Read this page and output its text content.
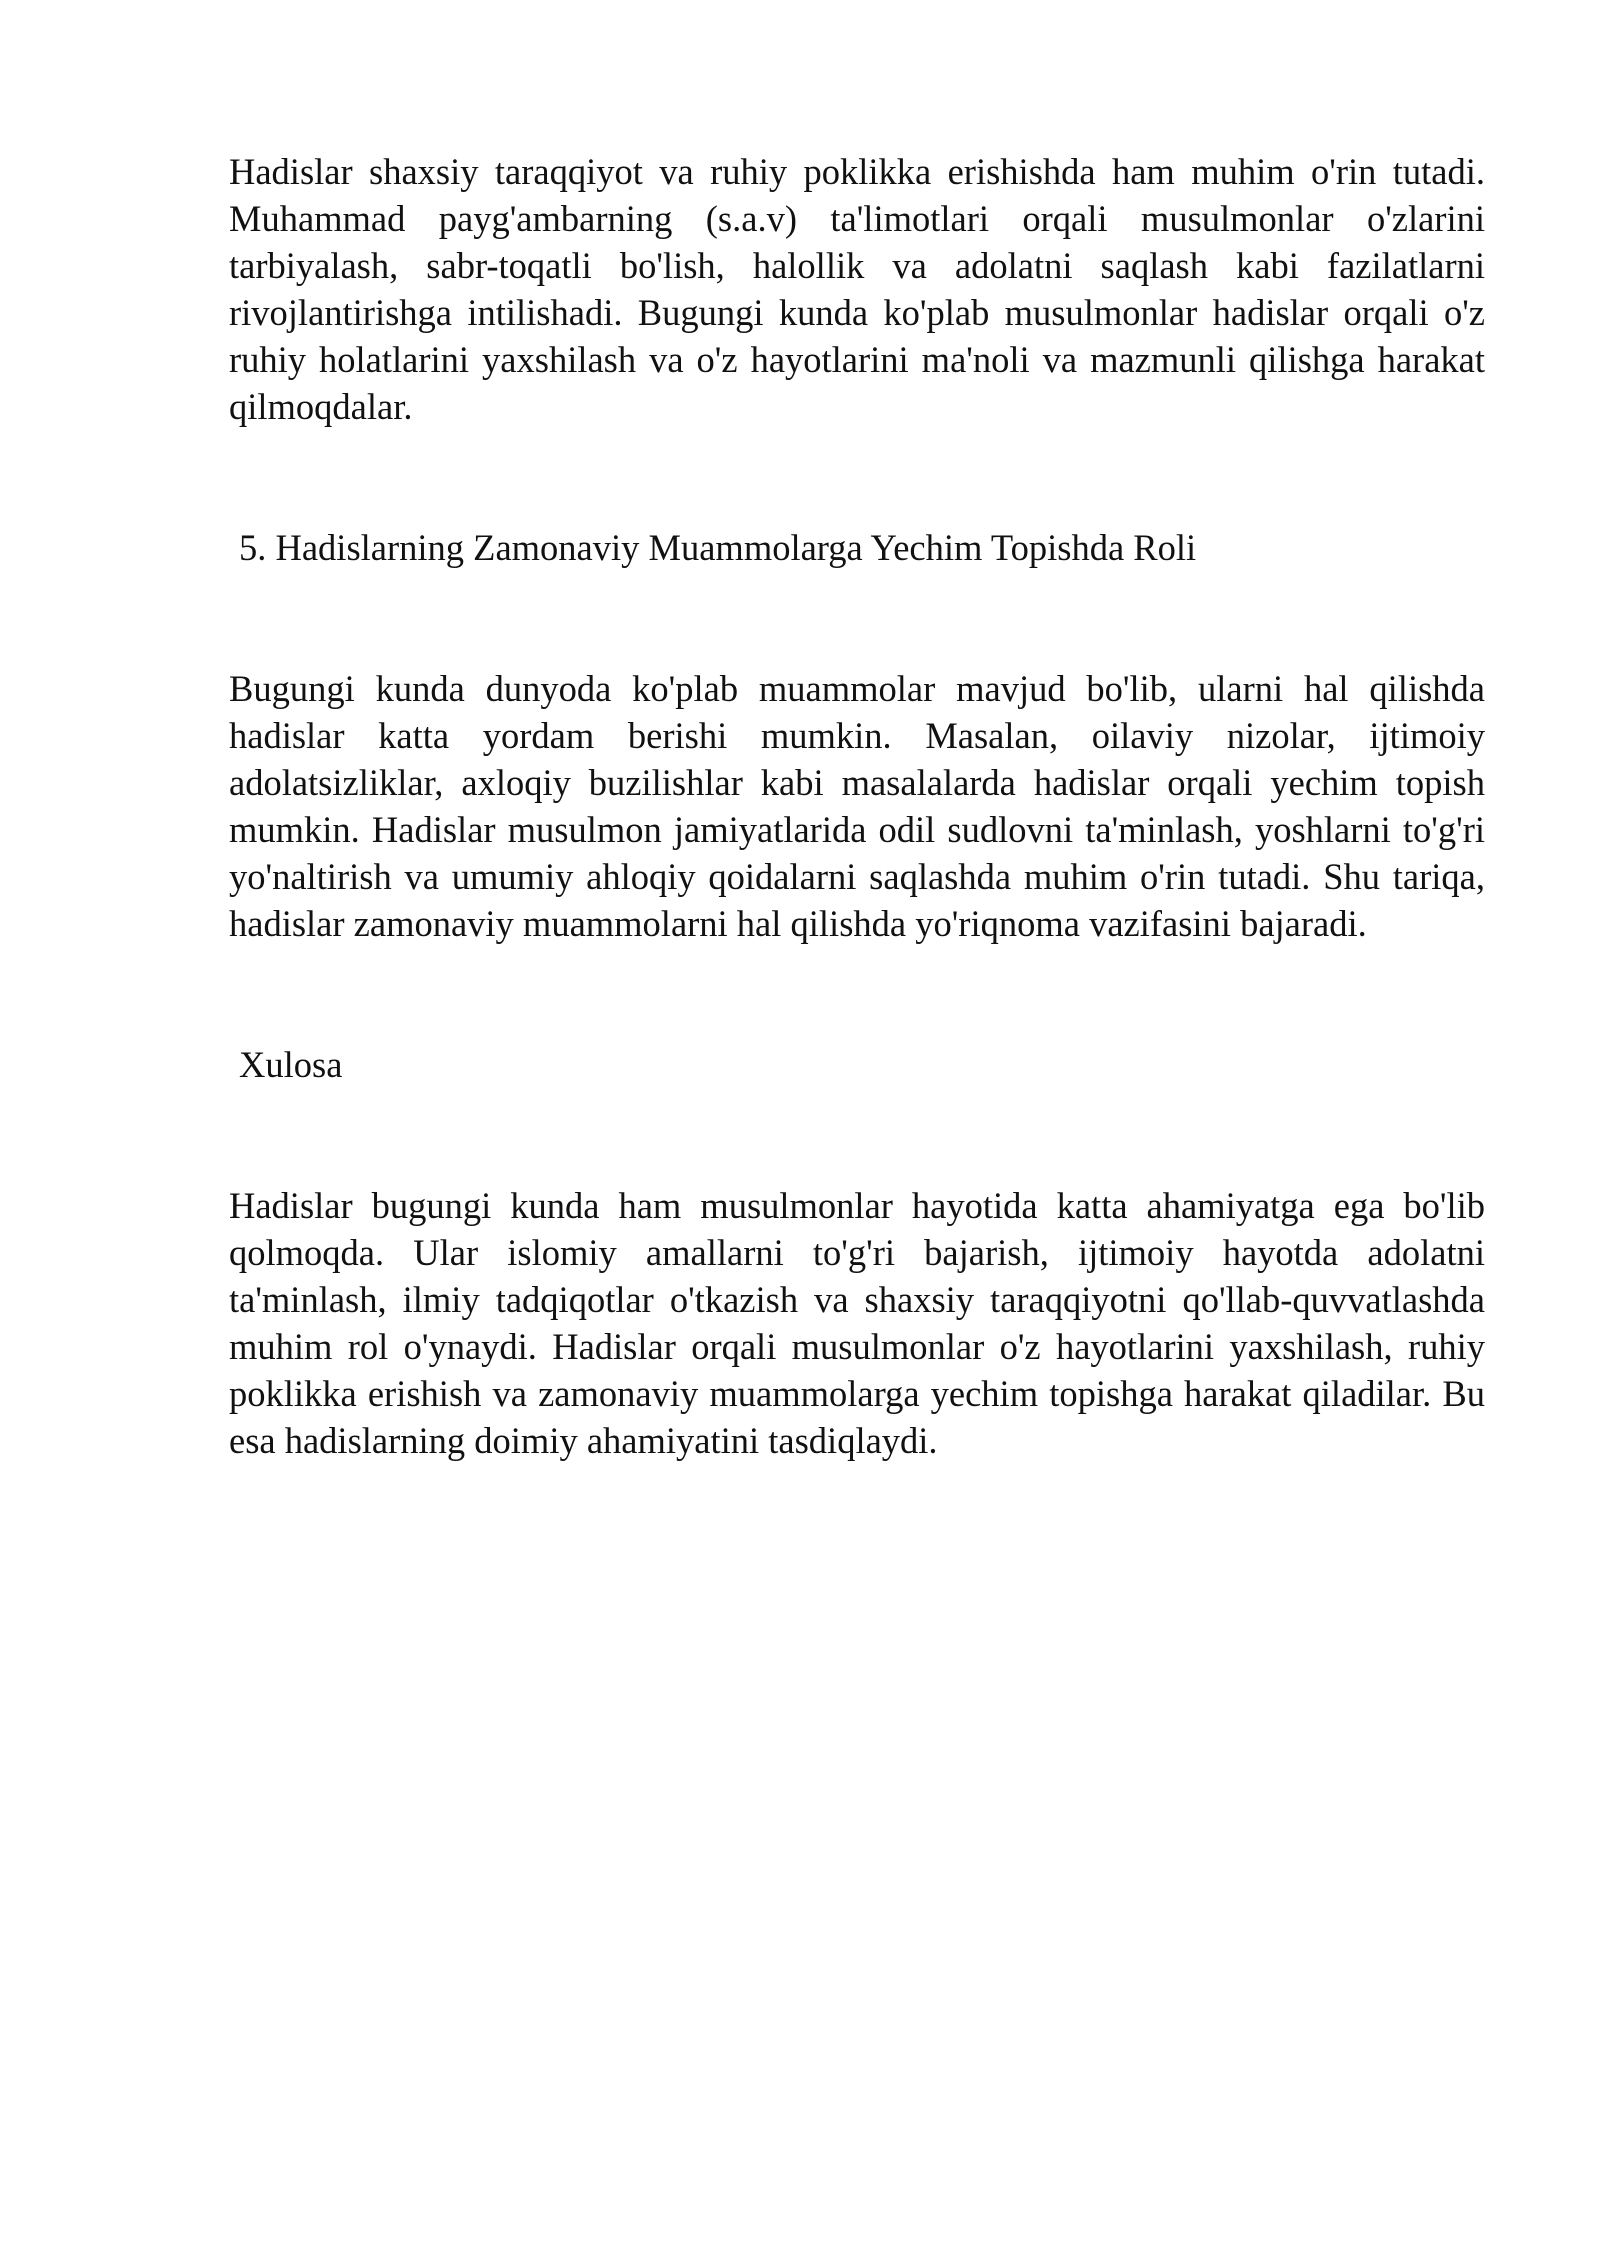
Hadislar shaxsiy taraqqiyot va ruhiy poklikka erishishda ham muhim o'rin tutadi. Muhammad payg'ambarning (s.a.v) ta'limotlari orqali musulmonlar o'zlarini tarbiyalash, sabr-toqatli bo'lish, halollik va adolatni saqlash kabi fazilatlarni rivojlantirishga intilishadi. Bugungi kunda ko'plab musulmonlar hadislar orqali o'z ruhiy holatlarini yaxshilash va o'z hayotlarini ma'noli va mazmunli qilishga harakat qilmoqdalar.

5. Hadislarning Zamonaviy Muammolarga Yechim Topishda Roli

Bugungi kunda dunyoda ko'plab muammolar mavjud bo'lib, ularni hal qilishda hadislar katta yordam berishi mumkin. Masalan, oilaviy nizolar, ijtimoiy adolatsizliklar, axloqiy buzilishlar kabi masalalarda hadislar orqali yechim topish mumkin. Hadislar musulmon jamiyatlarida odil sudlovni ta'minlash, yoshlarni to'g'ri yo'naltirish va umumiy ahloqiy qoidalarni saqlashda muhim o'rin tutadi. Shu tariqa, hadislar zamonaviy muammolarni hal qilishda yo'riqnoma vazifasini bajaradi.

Xulosa

Hadislar bugungi kunda ham musulmonlar hayotida katta ahamiyatga ega bo'lib qolmoqda. Ular islomiy amallarni to'g'ri bajarish, ijtimoiy hayotda adolatni ta'minlash, ilmiy tadqiqotlar o'tkazish va shaxsiy taraqqiyotni qo'llab-quvvatlashda muhim rol o'ynaydi. Hadislar orqali musulmonlar o'z hayotlarini yaxshilash, ruhiy poklikka erishish va zamonaviy muammolarga yechim topishga harakat qiladilar. Bu esa hadislarning doimiy ahamiyatini tasdiqlaydi.
